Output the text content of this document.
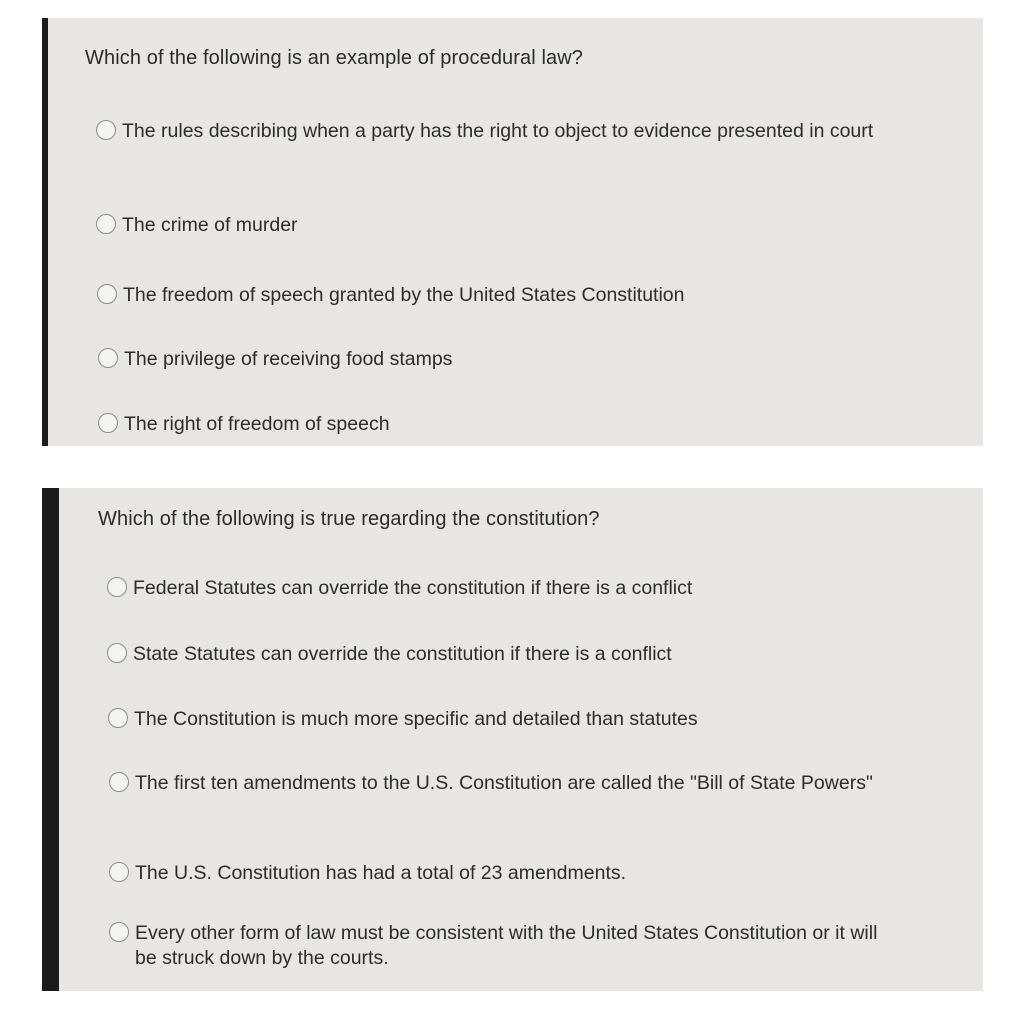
Which of the following is an example of procedural law?
The rules describing when a party has the right to object to evidence presented in court
The crime of murder
The freedom of speech granted by the United States Constitution
The privilege of receiving food stamps
The right of freedom of speech
Which of the following is true regarding the constitution?
Federal Statutes can override the constitution if there is a conflict
State Statutes can override the constitution if there is a conflict
The Constitution is much more specific and detailed than statutes
The first ten amendments to the U.S. Constitution are called the "Bill of State Powers"
The U.S. Constitution has had a total of 23 amendments.
Every other form of law must be consistent with the United States Constitution or it will be struck down by the courts.
